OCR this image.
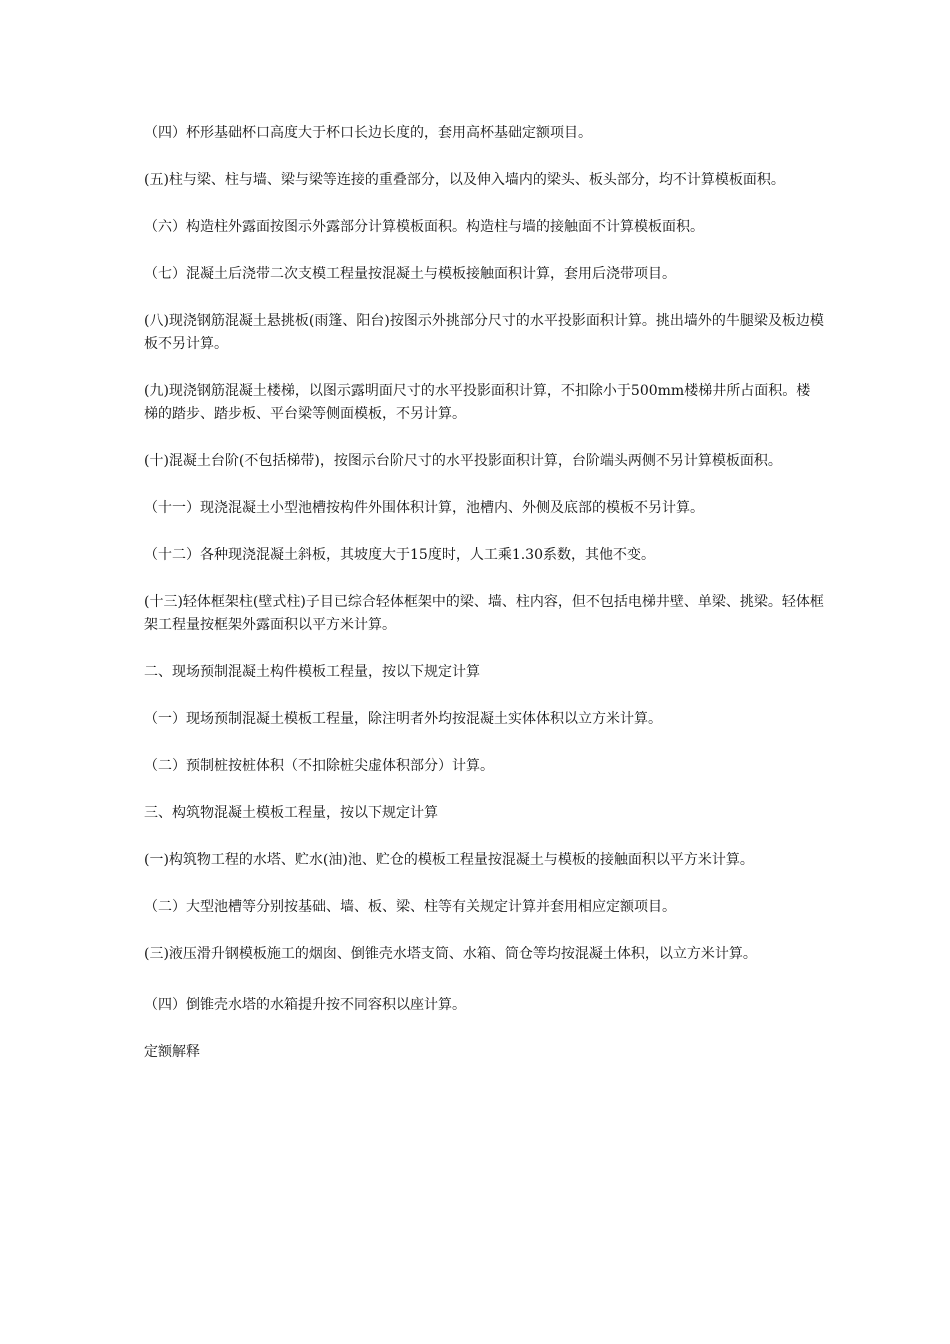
（四）杯形基础杯口高度大于杯口长边长度的，套用高杯基础定额项目。

(五)柱与梁、柱与墙、梁与梁等连接的重叠部分，以及伸入墙内的梁头、板头部分，均不计算模板面积。

（六）构造柱外露面按图示外露部分计算模板面积。构造柱与墙的接触面不计算模板面积。

（七）混凝土后浇带二次支模工程量按混凝土与模板接触面积计算，套用后浇带项目。

(八)现浇钢筋混凝土悬挑板(雨篷、阳台)按图示外挑部分尺寸的水平投影面积计算。挑出墙外的牛腿梁及板边模板不另计算。

(九)现浇钢筋混凝土楼梯，以图示露明面尺寸的水平投影面积计算，不扣除小于500mm楼梯井所占面积。楼梯的踏步、踏步板、平台梁等侧面模板，不另计算。

(十)混凝土台阶(不包括梯带)，按图示台阶尺寸的水平投影面积计算，台阶端头两侧不另计算模板面积。

（十一）现浇混凝土小型池槽按构件外围体积计算，池槽内、外侧及底部的模板不另计算。

（十二）各种现浇混凝土斜板，其坡度大于15度时，人工乘1.30系数，其他不变。

(十三)轻体框架柱(壁式柱)子目已综合轻体框架中的梁、墙、柱内容，但不包括电梯井壁、单梁、挑梁。轻体框架工程量按框架外露面积以平方米计算。

二、现场预制混凝土构件模板工程量，按以下规定计算

（一）现场预制混凝土模板工程量，除注明者外均按混凝土实体体积以立方米计算。

（二）预制桩按桩体积（不扣除桩尖虚体积部分）计算。

三、构筑物混凝土模板工程量，按以下规定计算

(一)构筑物工程的水塔、贮水(油)池、贮仓的模板工程量按混凝土与模板的接触面积以平方米计算。

（二）大型池槽等分别按基础、墙、板、梁、柱等有关规定计算并套用相应定额项目。

(三)液压滑升钢模板施工的烟囱、倒锥壳水塔支筒、水箱、筒仓等均按混凝土体积，以立方米计算。

（四）倒锥壳水塔的水箱提升按不同容积以座计算。

定额解释
